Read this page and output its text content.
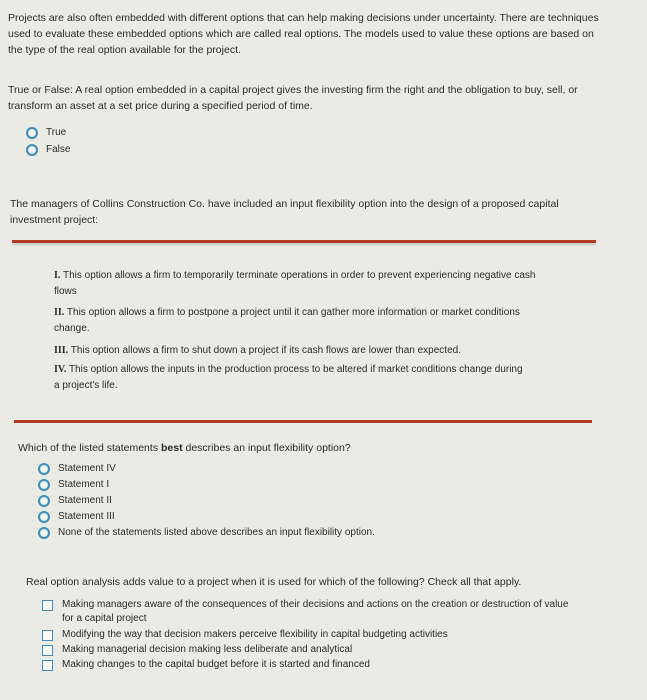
Projects are also often embedded with different options that can help making decisions under uncertainty. There are techniques used to evaluate these embedded options which are called real options. The models used to value these options are based on the type of the real option available for the project.
True or False: A real option embedded in a capital project gives the investing firm the right and the obligation to buy, sell, or transform an asset at a set price during a specified period of time.
True
False
The managers of Collins Construction Co. have included an input flexibility option into the design of a proposed capital investment project:
I. This option allows a firm to temporarily terminate operations in order to prevent experiencing negative cash flows
II. This option allows a firm to postpone a project until it can gather more information or market conditions change.
III. This option allows a firm to shut down a project if its cash flows are lower than expected.
IV. This option allows the inputs in the production process to be altered if market conditions change during a project's life.
Which of the listed statements best describes an input flexibility option?
Statement IV
Statement I
Statement II
Statement III
None of the statements listed above describes an input flexibility option.
Real option analysis adds value to a project when it is used for which of the following? Check all that apply.
Making managers aware of the consequences of their decisions and actions on the creation or destruction of value for a capital project
Modifying the way that decision makers perceive flexibility in capital budgeting activities
Making managerial decision making less deliberate and analytical
Making changes to the capital budget before it is started and financed
